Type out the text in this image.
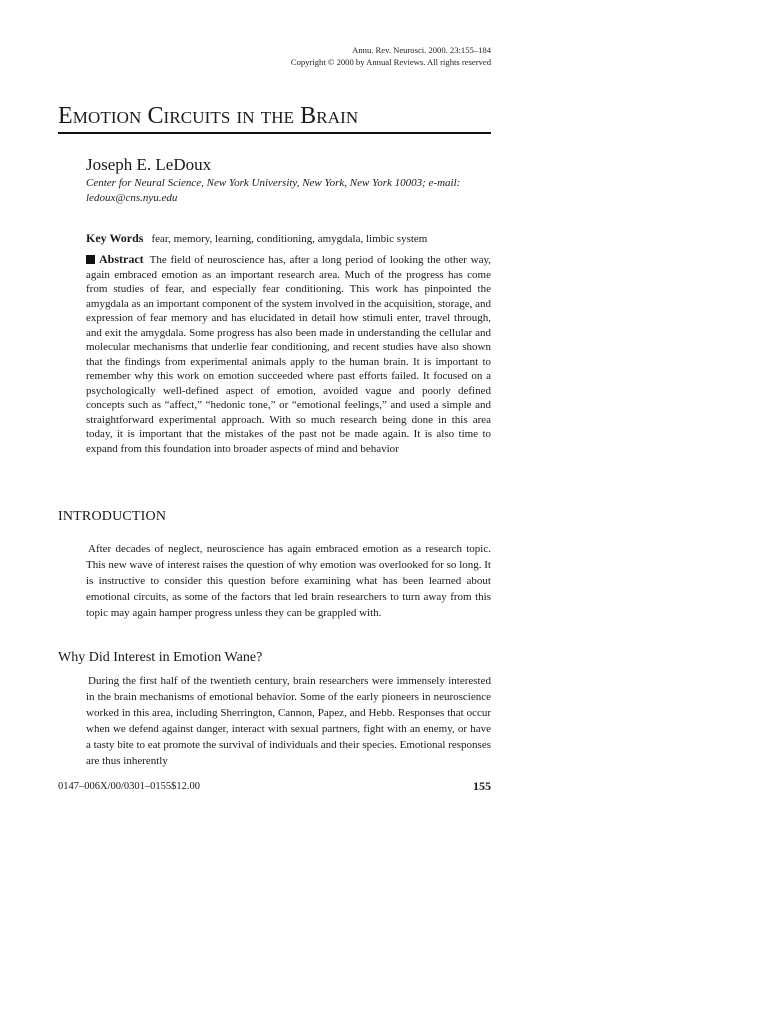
Annu. Rev. Neurosci. 2000. 23:155–184
Copyright © 2000 by Annual Reviews. All rights reserved
Emotion Circuits in the Brain
Joseph E. LeDoux
Center for Neural Science, New York University, New York, New York 10003; e-mail: ledoux@cns.nyu.edu
Key Words fear, memory, learning, conditioning, amygdala, limbic system

Abstract The field of neuroscience has, after a long period of looking the other way, again embraced emotion as an important research area. Much of the progress has come from studies of fear, and especially fear conditioning. This work has pinpointed the amygdala as an important component of the system involved in the acquisition, storage, and expression of fear memory and has elucidated in detail how stimuli enter, travel through, and exit the amygdala. Some progress has also been made in understanding the cellular and molecular mechanisms that underlie fear conditioning, and recent studies have also shown that the findings from experimental animals apply to the human brain. It is important to remember why this work on emotion succeeded where past efforts failed. It focused on a psychologically well-defined aspect of emotion, avoided vague and poorly defined concepts such as “affect,” “hedonic tone,” or “emotional feelings,” and used a simple and straightforward experimental approach. With so much research being done in this area today, it is important that the mistakes of the past not be made again. It is also time to expand from this foundation into broader aspects of mind and behavior

INTRODUCTION

After decades of neglect, neuroscience has again embraced emotion as a research topic. This new wave of interest raises the question of why emotion was overlooked for so long. It is instructive to consider this question before examining what has been learned about emotional circuits, as some of the factors that led brain researchers to turn away from this topic may again hamper progress unless they can be grappled with.

Why Did Interest in Emotion Wane?

During the first half of the twentieth century, brain researchers were immensely interested in the brain mechanisms of emotional behavior. Some of the early pioneers in neuroscience worked in this area, including Sherrington, Cannon, Papez, and Hebb. Responses that occur when we defend against danger, interact with sexual partners, fight with an enemy, or have a tasty bite to eat promote the survival of individuals and their species. Emotional responses are thus inherently

0147–006X/00/0301–0155$12.00	155
